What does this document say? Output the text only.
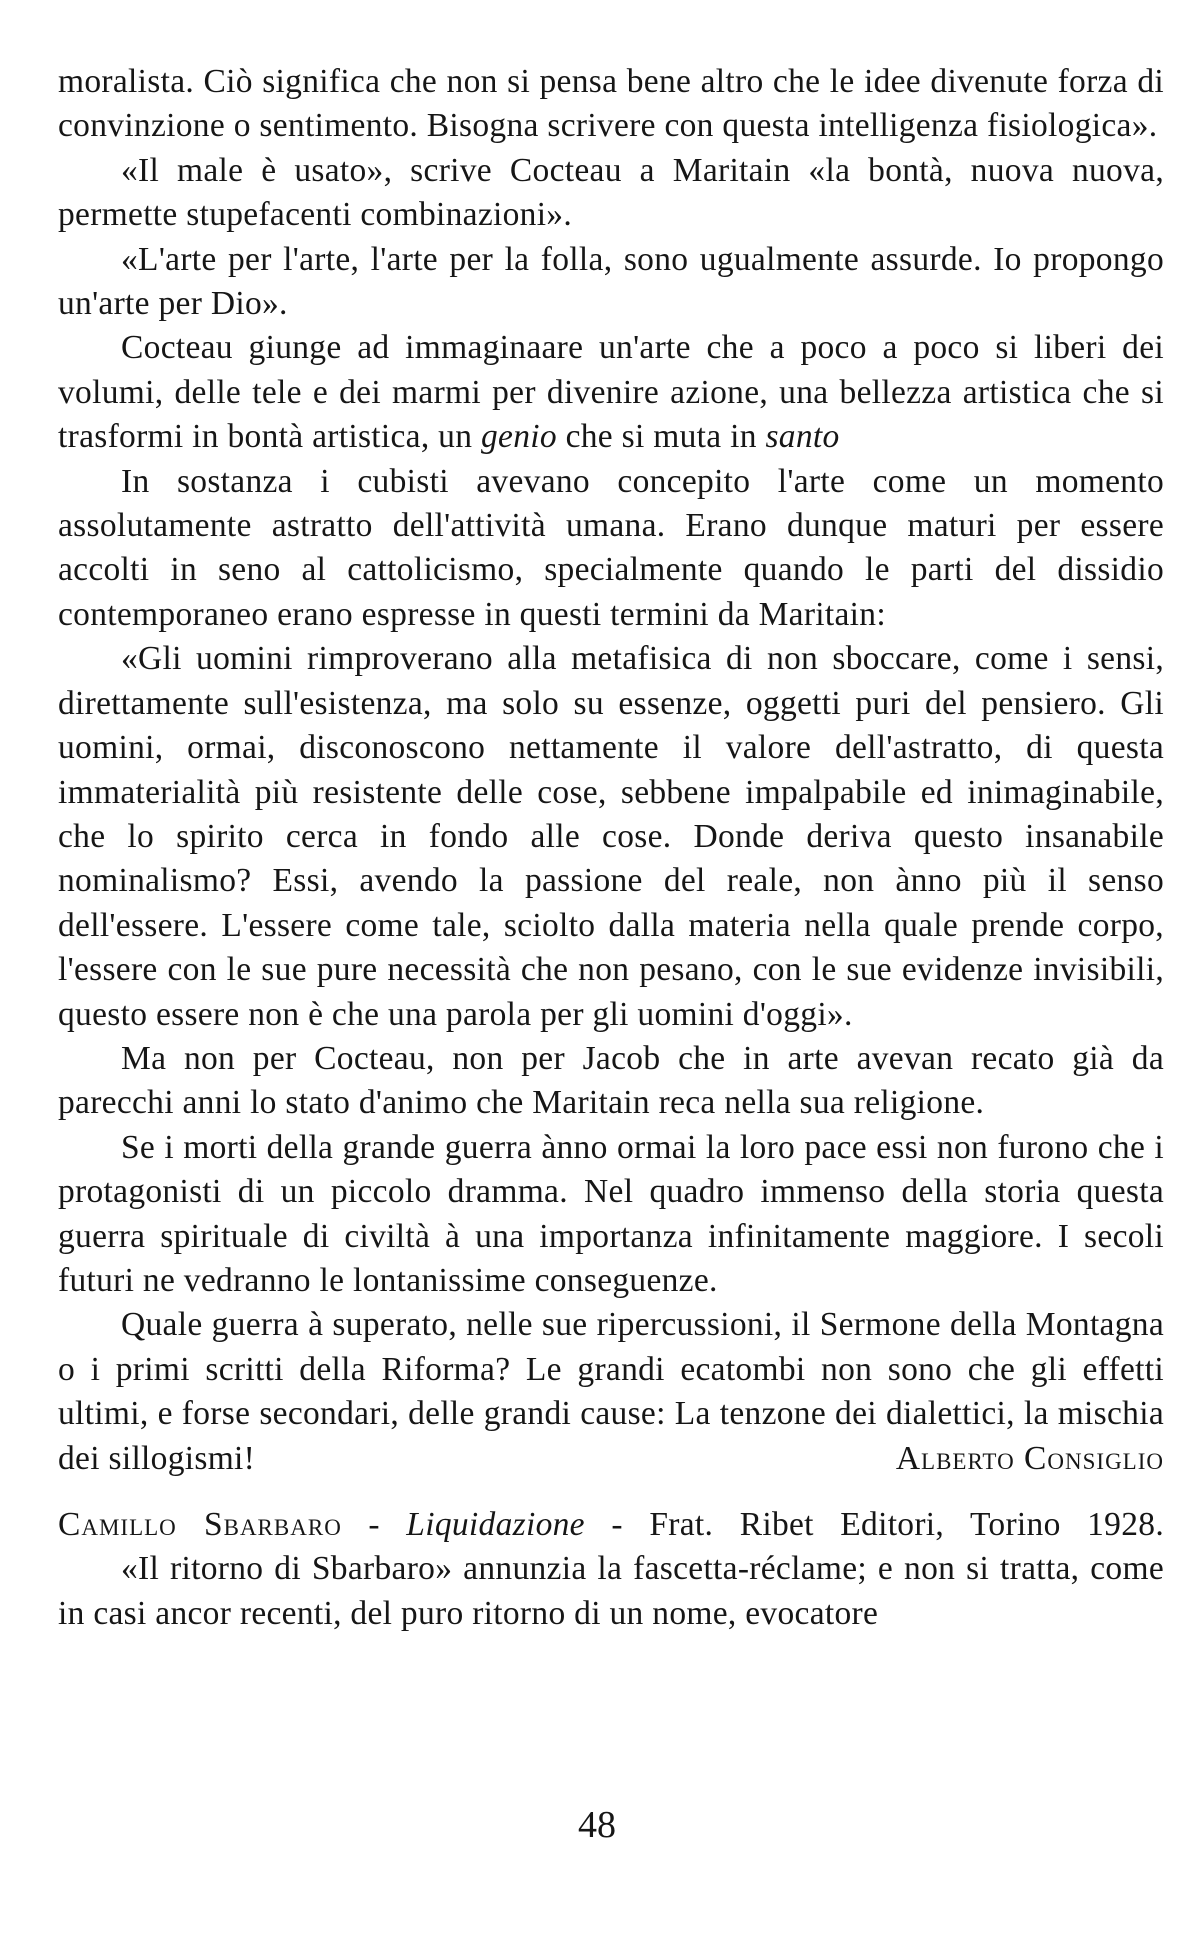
moralista. Ciò significa che non si pensa bene altro che le idee divenute forza di convinzione o sentimento. Bisogna scrivere con questa intelligenza fisiologica».

«Il male è usato», scrive Cocteau a Maritain «la bontà, nuova nuova, permette stupefacenti combinazioni».

«L'arte per l'arte, l'arte per la folla, sono ugualmente assurde. Io propongo un'arte per Dio».

Cocteau giunge ad immaginaare un'arte che a poco a poco si liberi dei volumi, delle tele e dei marmi per divenire azione, una bellezza artistica che si trasformi in bontà artistica, un genio che si muta in santo

In sostanza i cubisti avevano concepito l'arte come un momento assolutamente astratto dell'attività umana. Erano dunque maturi per essere accolti in seno al cattolicismo, specialmente quando le parti del dissidio contemporaneo erano espresse in questi termini da Maritain:

«Gli uomini rimproverano alla metafisica di non sboccare, come i sensi, direttamente sull'esistenza, ma solo su essenze, oggetti puri del pensiero. Gli uomini, ormai, disconoscono nettamente il valore dell'astratto, di questa immaterialità più resistente delle cose, sebbene impalpabile ed inimaginabile, che lo spirito cerca in fondo alle cose. Donde deriva questo insanabile nominalismo? Essi, avendo la passione del reale, non ànno più il senso dell'essere. L'essere come tale, sciolto dalla materia nella quale prende corpo, l'essere con le sue pure necessità che non pesano, con le sue evidenze invisibili, questo essere non è che una parola per gli uomini d'oggi».

Ma non per Cocteau, non per Jacob che in arte avevan recato già da parecchi anni lo stato d'animo che Maritain reca nella sua religione.

Se i morti della grande guerra ànno ormai la loro pace essi non furono che i protagonisti di un piccolo dramma. Nel quadro immenso della storia questa guerra spirituale di civiltà à una importanza infinitamente maggiore. I secoli futuri ne vedranno le lontanissime conseguenze.

Quale guerra à superato, nelle sue ripercussioni, il Sermone della Montagna o i primi scritti della Riforma? Le grandi ecatombi non sono che gli effetti ultimi, e forse secondari, delle grandi cause: La tenzone dei dialettici, la mischia dei sillogismi!	Alberto Consiglio

Camillo Sbarbaro - Liquidazione - Frat. Ribet Editori, Torino 1928.

«Il ritorno di Sbarbaro» annunzia la fascetta-réclame; e non si tratta, come in casi ancor recenti, del puro ritorno di un nome, evocatore

48
